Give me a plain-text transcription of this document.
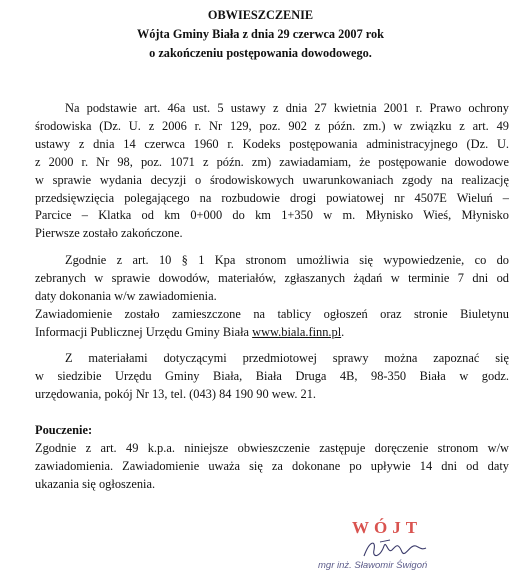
OBWIESZCZENIE
Wójta Gminy Biała z dnia 29 czerwca 2007 rok
o zakończeniu postępowania dowodowego.
Na podstawie art. 46a ust. 5 ustawy z dnia 27 kwietnia 2001 r. Prawo ochrony
środowiska (Dz. U. z 2006 r. Nr 129, poz. 902 z późn. zm.) w związku z art. 49
ustawy z dnia 14 czerwca 1960 r. Kodeks postępowania administracyjnego (Dz. U.
z 2000 r. Nr 98, poz. 1071 z późn. zm) zawiadamiam, że postępowanie dowodowe
w sprawie wydania decyzji o środowiskowych uwarunkowaniach zgody na realizację
przedsięwzięcia polegającego na rozbudowie drogi powiatowej nr 4507E Wieluń –
Parcice – Klatka od km 0+000 do km 1+350 w m. Młynisko Wieś, Młynisko
Pierwsze zostało zakończone.
Zgodnie z art. 10 § 1 Kpa stronom umożliwia się wypowiedzenie, co do
zebranych w sprawie dowodów, materiałów, zgłaszanych żądań w terminie 7 dni od
daty dokonania w/w zawiadomienia.
Zawiadomienie zostało zamieszczone na tablicy ogłoszeń oraz stronie Biuletynu
Informacji Publicznej Urzędu Gminy Biała www.biala.finn.pl.
Z materiałami dotyczącymi przedmiotowej sprawy można zapoznać się
w siedzibie Urzędu Gminy Biała, Biała Druga 4B, 98-350 Biała w godz.
urzędowania, pokój Nr 13, tel. (043) 84 190 90 wew. 21.
Pouczenie:
Zgodnie z art. 49 k.p.a. niniejsze obwieszczenie zastępuje doręczenie stronom w/w
zawiadomienia. Zawiadomienie uważa się za dokonane po upływie 14 dni od daty
ukazania się ogłoszenia.
WÓJT
mgr inż. Sławomir Świgoń
